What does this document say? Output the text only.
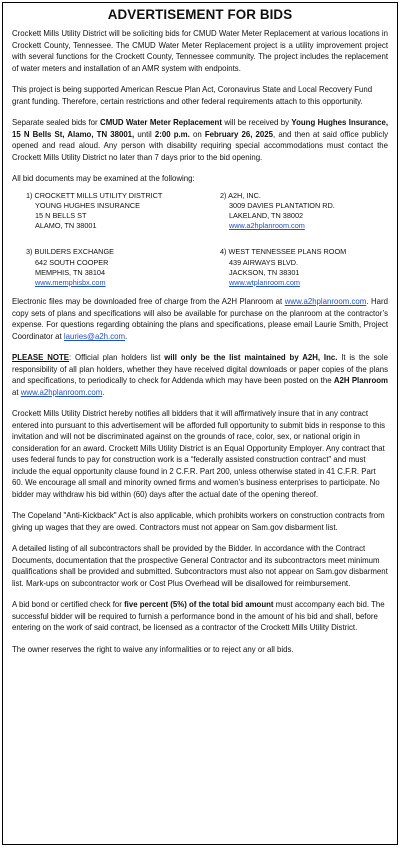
ADVERTISEMENT FOR BIDS

Crockett Mills Utility District will be soliciting bids for CMUD Water Meter Replacement at various locations in Crockett County, Tennessee. The CMUD Water Meter Replacement project is a utility improvement project with several functions for the Crockett County, Tennessee community. The project includes the replacement of water meters and installation of an AMR system with endpoints.

This project is being supported American Rescue Plan Act, Coronavirus State and Local Recovery Fund grant funding. Therefore, certain restrictions and other federal requirements attach to this opportunity.

Separate sealed bids for CMUD Water Meter Replacement will be received by Young Hughes Insurance, 15 N Bells St, Alamo, TN 38001, until 2:00 p.m. on February 26, 2025, and then at said office publicly opened and read aloud. Any person with disability requiring special accommodations must contact the Crockett Mills Utility District no later than 7 days prior to the bid opening.

All bid documents may be examined at the following:

1) CROCKETT MILLS UTILITY DISTRICT
YOUNG HUGHES INSURANCE
15 N BELLS ST
ALAMO, TN 38001
2) A2H, INC.
3009 DAVIES PLANTATION RD.
LAKELAND, TN 38002
www.a2hplanroom.com
3) BUILDERS EXCHANGE
642 SOUTH COOPER
MEMPHIS, TN 38104
www.memphisbx.com
4) WEST TENNESSEE PLANS ROOM
439 AIRWAYS BLVD.
JACKSON, TN 38301
www.wtplanroom.com

Electronic files may be downloaded free of charge from the A2H Planroom at www.a2hplanroom.com. Hard copy sets of plans and specifications will also be available for purchase on the planroom at the contractor’s expense. For questions regarding obtaining the plans and specifications, please email Laurie Smith, Project Coordinator at lauries@a2h.com.

PLEASE NOTE: Official plan holders list will only be the list maintained by A2H, Inc. It is the sole responsibility of all plan holders, whether they have received digital downloads or paper copies of the plans and specifications, to periodically to check for Addenda which may have been posted on the A2H Planroom at www.a2hplanroom.com.

Crockett Mills Utility District hereby notifies all bidders that it will affirmatively insure that in any contract entered into pursuant to this advertisement will be afforded full opportunity to submit bids in response to this invitation and will not be discriminated against on the grounds of race, color, sex, or national origin in consideration for an award. Crockett Mills Utility District is an Equal Opportunity Employer. Any contract that uses federal funds to pay for construction work is a “federally assisted construction contract” and must include the equal opportunity clause found in 2 C.F.R. Part 200, unless otherwise stated in 41 C.F.R. Part 60. We encourage all small and minority owned firms and women’s business enterprises to participate. No bidder may withdraw his bid within (60) days after the actual date of the opening thereof.

The Copeland "Anti-Kickback" Act is also applicable, which prohibits workers on construction contracts from giving up wages that they are owed. Contractors must not appear on Sam.gov disbarment list.

A detailed listing of all subcontractors shall be provided by the Bidder. In accordance with the Contract Documents, documentation that the prospective General Contractor and its subcontractors meet minimum qualifications shall be provided and submitted. Subcontractors must also not appear on Sam.gov disbarment list. Mark-ups on subcontractor work or Cost Plus Overhead will be disallowed for reimbursement.

A bid bond or certified check for five percent (5%) of the total bid amount must accompany each bid. The successful bidder will be required to furnish a performance bond in the amount of his bid and shall, before entering on the work of said contract, be licensed as a contractor of the Crockett Mills Utility District.

The owner reserves the right to waive any informalities or to reject any or all bids.
